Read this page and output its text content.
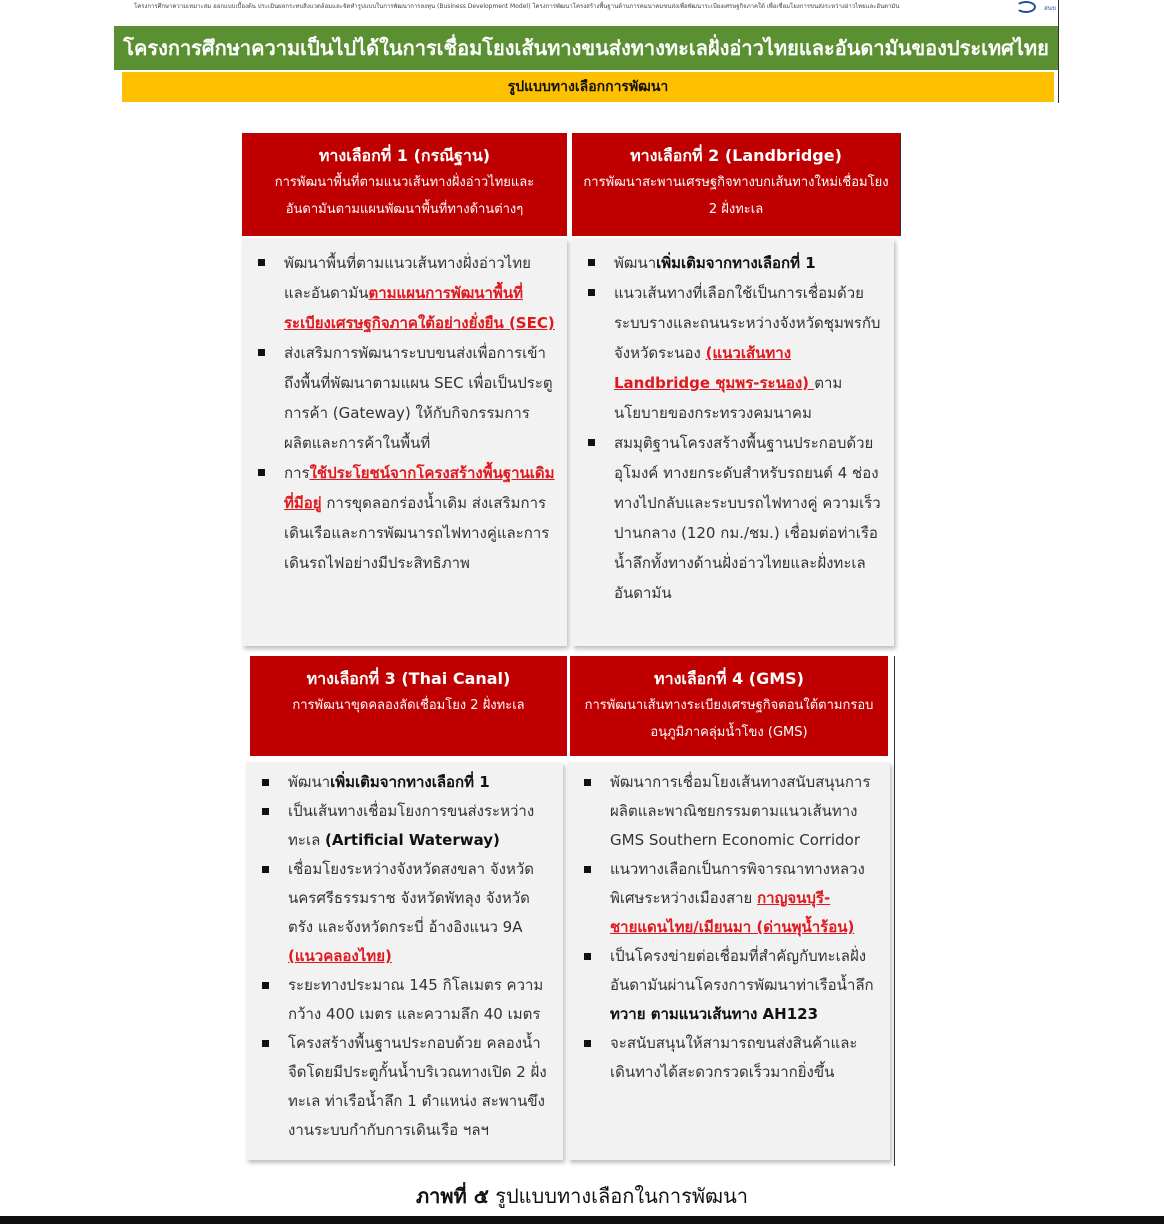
โครงการศึกษาความเหมาะสม ออกแบบเบื้องต้น ประเมินผลกระทบสิ่งแวดล้อมและจัดทำรูปแบบในการพัฒนาการลงทุน (Business Development Model) โครงการพัฒนาโครงสร้างพื้นฐานด้านการคมนาคมขนส่งเพื่อพัฒนาระเบียงเศรษฐกิจภาคใต้ เพื่อเชื่อมโยงการขนส่งระหว่างอ่าวไทยและอันดามัน	สนข
โครงการศึกษาความเป็นไปได้ในการเชื่อมโยงเส้นทางขนส่งทางทะเลฝั่งอ่าวไทยและอันดามันของประเทศไทย
รูปแบบทางเลือกการพัฒนา
ทางเลือกที่ 1 (กรณีฐาน)
การพัฒนาพื้นที่ตามแนวเส้นทางฝั่งอ่าวไทยและอันดามันตามแผนพัฒนาพื้นที่ทางด้านต่างๆ
พัฒนาพื้นที่ตามแนวเส้นทางฝั่งอ่าวไทยและอันดามันตามแผนการพัฒนาพื้นที่ระเบียงเศรษฐกิจภาคใต้อย่างยั่งยืน (SEC)
ส่งเสริมการพัฒนาระบบขนส่งเพื่อการเข้าถึงพื้นที่พัฒนาตามแผน SEC เพื่อเป็นประตูการค้า (Gateway) ให้กับกิจกรรมการผลิตและการค้าในพื้นที่
การใช้ประโยชน์จากโครงสร้างพื้นฐานเดิมที่มีอยู่ การขุดลอกร่องน้ำเดิม ส่งเสริมการเดินเรือและการพัฒนารถไฟทางคู่และการเดินรถไฟอย่างมีประสิทธิภาพ
ทางเลือกที่ 2 (Landbridge)
การพัฒนาสะพานเศรษฐกิจทางบกเส้นทางใหม่เชื่อมโยง 2 ฝั่งทะเล
พัฒนาเพิ่มเติมจากทางเลือกที่ 1
แนวเส้นทางที่เลือกใช้เป็นการเชื่อมด้วยระบบรางและถนนระหว่างจังหวัดชุมพรกับจังหวัดระนอง (แนวเส้นทาง Landbridge ชุมพร-ระนอง) ตามนโยบายของกระทรวงคมนาคม
สมมุติฐานโครงสร้างพื้นฐานประกอบด้วย อุโมงค์ ทางยกระดับสำหรับรถยนต์ 4 ช่องทางไปกลับและระบบรถไฟทางคู่ ความเร็วปานกลาง (120 กม./ชม.) เชื่อมต่อท่าเรือน้ำลึกทั้งทางด้านฝั่งอ่าวไทยและฝั่งทะเลอันดามัน
ทางเลือกที่ 3 (Thai Canal)
การพัฒนาขุดคลองลัดเชื่อมโยง 2 ฝั่งทะเล
พัฒนาเพิ่มเติมจากทางเลือกที่ 1
เป็นเส้นทางเชื่อมโยงการขนส่งระหว่างทะเล (Artificial Waterway)
เชื่อมโยงระหว่างจังหวัดสงขลา จังหวัดนครศรีธรรมราช จังหวัดพัทลุง จังหวัดตรัง และจังหวัดกระบี่ อ้างอิงแนว 9A (แนวคลองไทย)
ระยะทางประมาณ 145 กิโลเมตร ความกว้าง 400 เมตร และความลึก 40 เมตร
โครงสร้างพื้นฐานประกอบด้วย คลองน้ำจืดโดยมีประตูกั้นน้ำบริเวณทางเปิด 2 ฝั่งทะเล ท่าเรือน้ำลึก 1 ตำแหน่ง สะพานขึง งานระบบกำกับการเดินเรือ ฯลฯ
ทางเลือกที่ 4 (GMS)
การพัฒนาเส้นทางระเบียงเศรษฐกิจตอนใต้ตามกรอบอนุภูมิภาคลุ่มน้ำโขง (GMS)
พัฒนาการเชื่อมโยงเส้นทางสนับสนุนการผลิตและพาณิชยกรรมตามแนวเส้นทาง GMS Southern Economic Corridor
แนวทางเลือกเป็นการพิจารณาทางหลวงพิเศษระหว่างเมืองสาย กาญจนบุรี-ชายแดนไทย/เมียนมา (ด่านพุน้ำร้อน)
เป็นโครงข่ายต่อเชื่อมที่สำคัญกับทะเลฝั่งอันดามันผ่านโครงการพัฒนาท่าเรือน้ำลึกทวาย ตามแนวเส้นทาง AH123
จะสนับสนุนให้สามารถขนส่งสินค้าและเดินทางได้สะดวกรวดเร็วมากยิ่งขึ้น
ภาพที่ ๕ รูปแบบทางเลือกในการพัฒนา
